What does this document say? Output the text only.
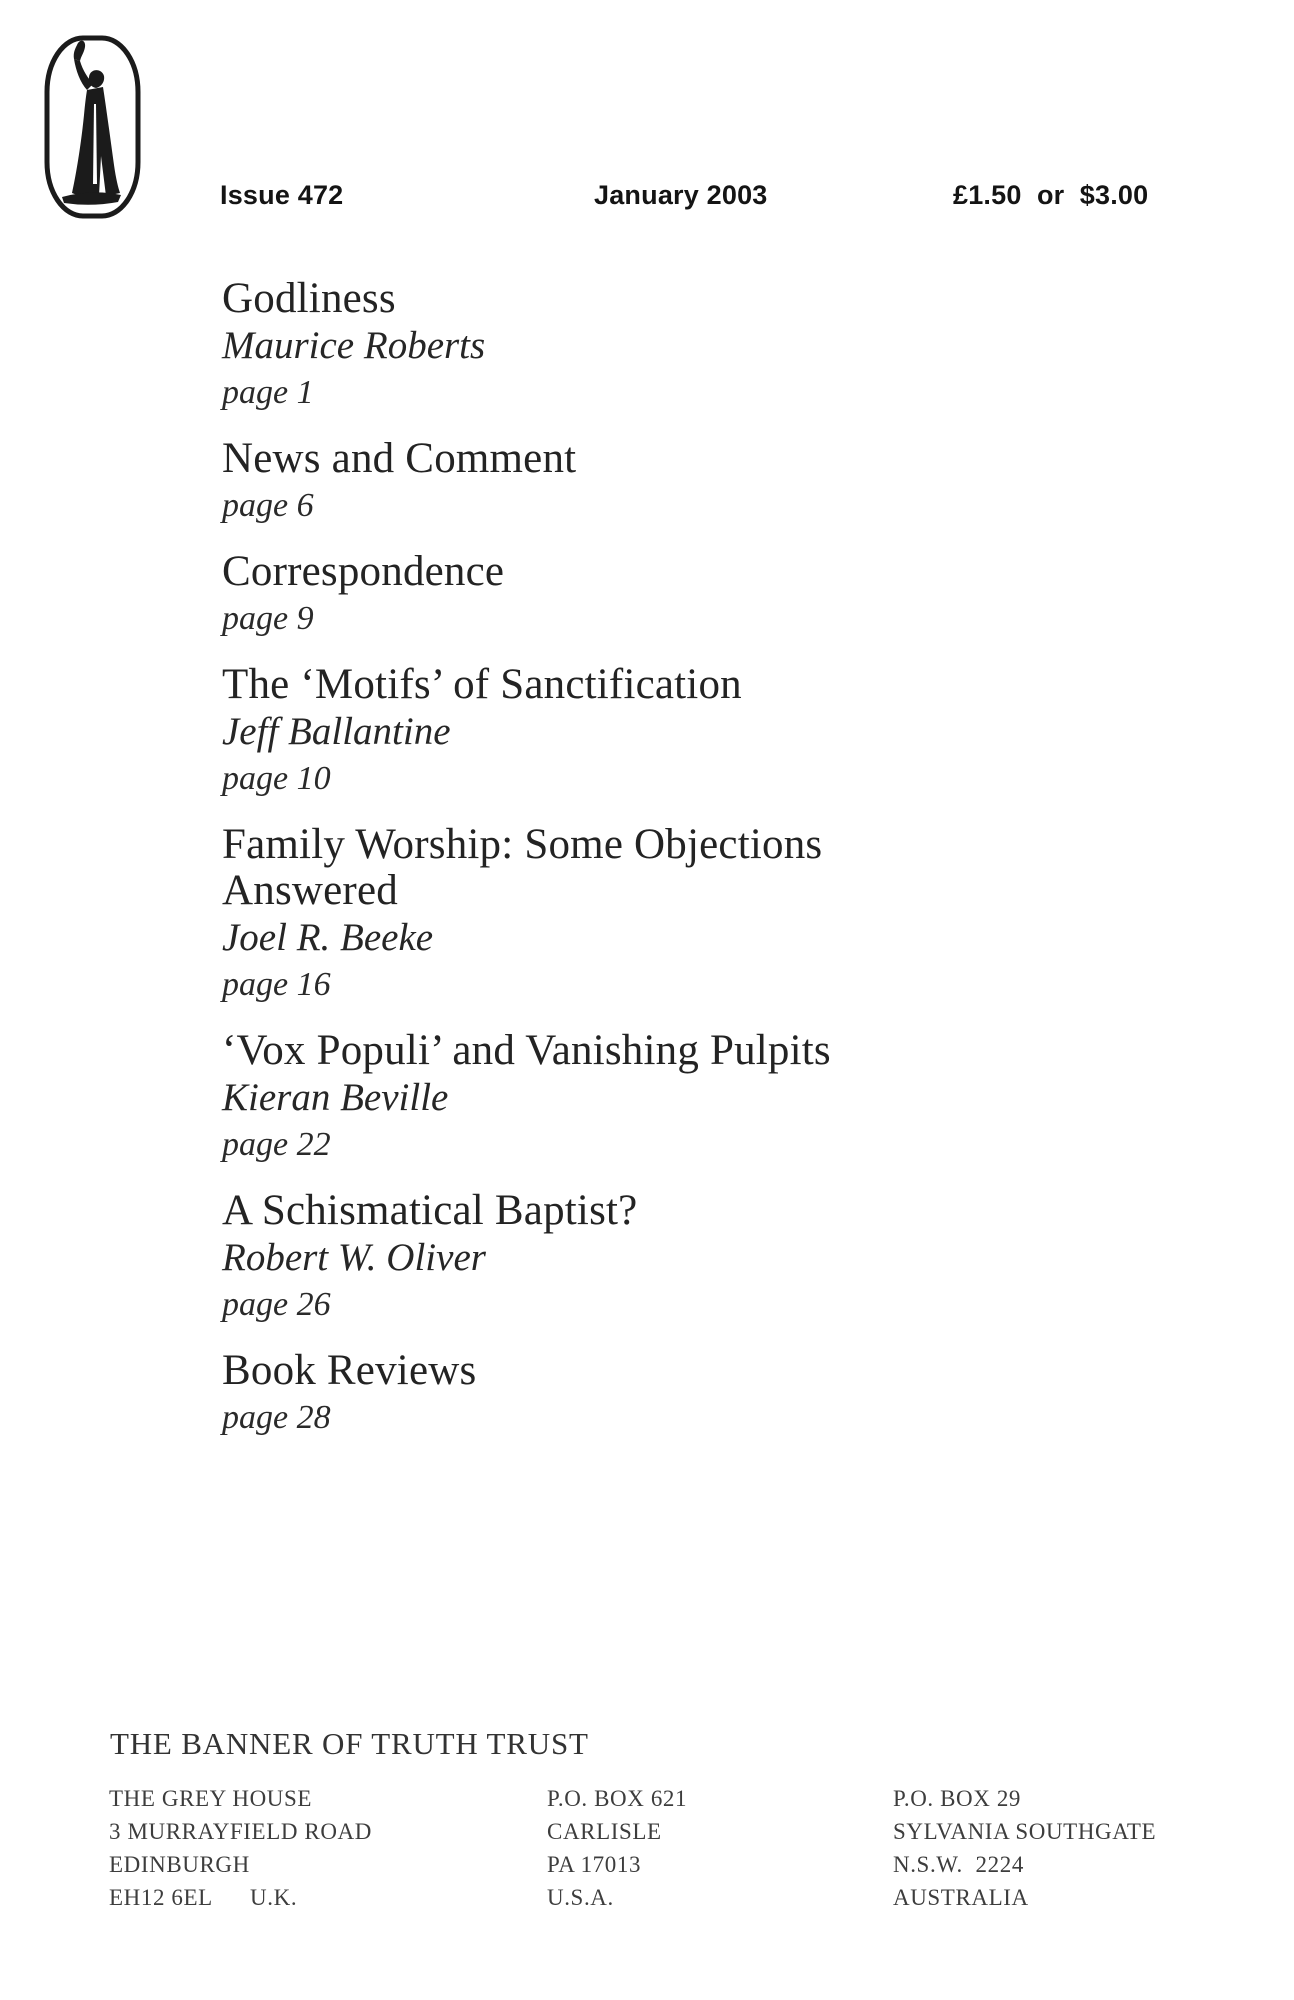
Issue 472	January 2003	£1.50  or  $3.00
Godliness
Maurice Roberts
page 1
News and Comment
page 6
Correspondence
page 9
The ‘Motifs’ of Sanctification
Jeff Ballantine
page 10
Family Worship: Some Objections Answered
Joel R. Beeke
page 16
‘Vox Populi’ and Vanishing Pulpits
Kieran Beville
page 22
A Schismatical Baptist?
Robert W. Oliver
page 26
Book Reviews
page 28
THE BANNER OF TRUTH TRUST
THE GREY HOUSE
3 MURRAYFIELD ROAD
EDINBURGH
EH12 6EL      U.K.
P.O. BOX 621
CARLISLE
PA 17013
U.S.A.
P.O. BOX 29
SYLVANIA SOUTHGATE
N.S.W.  2224
AUSTRALIA
